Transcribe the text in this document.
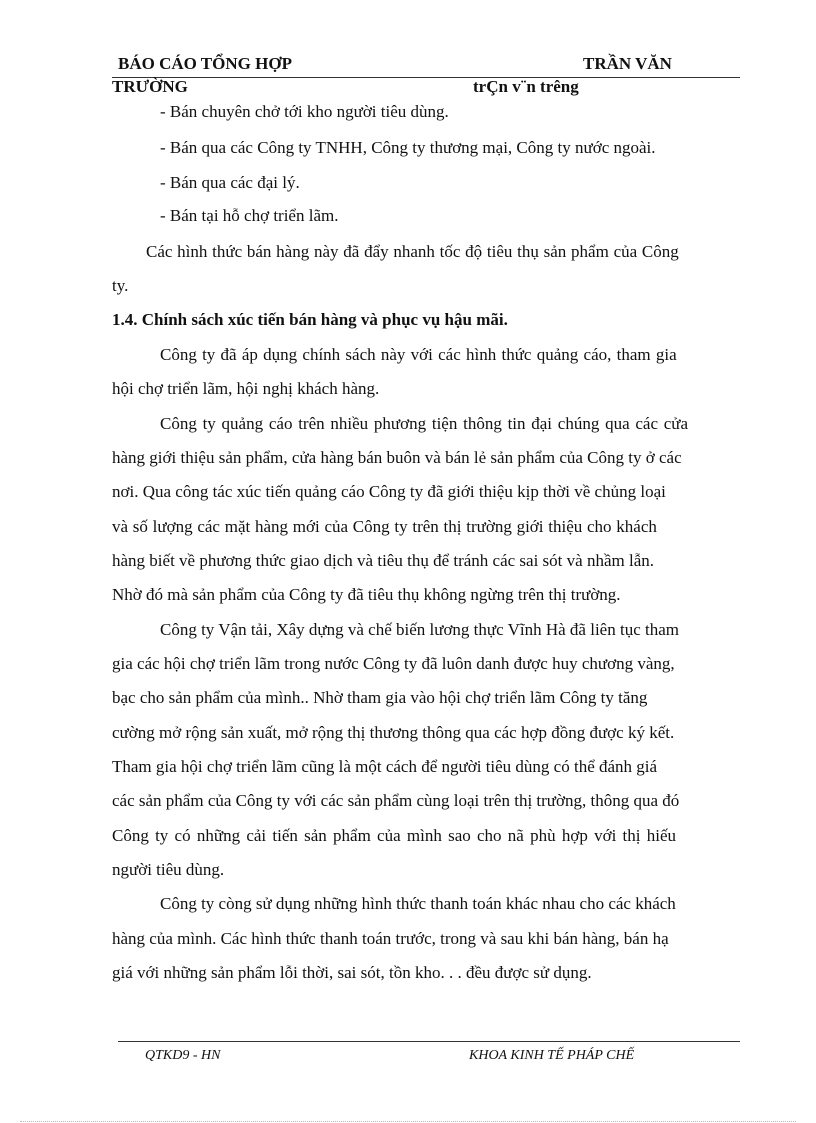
BÁO CÁO TỔNG HỢP	TRẦN VĂN
TRƯỜNG	trÇn v¨n trêng
- Bán chuyên chở tới kho người tiêu dùng.
- Bán qua các Công ty TNHH, Công ty thương mại, Công ty nước ngoài.
- Bán qua các đại lý.
- Bán tại hỗ chợ triển lãm.
Các hình thức bán hàng này đã đẩy nhanh tốc độ tiêu thụ sản phẩm của Công
ty.
1.4. Chính sách xúc tiến bán hàng và phục vụ hậu mãi.
Công ty đã áp dụng chính sách này với các hình thức quảng cáo, tham gia
hội chợ triển lãm, hội nghị khách hàng.
Công ty quảng cáo trên nhiều phương tiện thông tin đại chúng qua các cửa
hàng giới thiệu sản phẩm, cửa hàng bán buôn và bán lẻ sản phẩm của Công ty ở các
nơi. Qua công tác xúc tiến quảng cáo Công ty đã giới thiệu kịp thời về chủng loại
và số lượng các mặt hàng mới của Công ty trên thị trường giới thiệu cho khách
hàng biết về phương thức giao dịch và tiêu thụ để tránh các sai sót và nhầm lẫn.
Nhờ đó mà sản phẩm của Công ty đã tiêu thụ không ngừng trên thị trường.
Công ty Vận tải, Xây dựng và chế biến lương thực Vĩnh Hà đã liên tục tham
gia các hội chợ triển lãm trong nước Công ty đã luôn danh được huy chương vàng,
bạc cho sản phẩm của mình.. Nhờ tham gia vào hội chợ triển lãm Công ty tăng
cường mở rộng sản xuất, mở rộng thị thương thông qua các hợp đồng được ký kết.
Tham gia hội chợ triển lãm cũng là một cách để người tiêu dùng có thể đánh giá
các sản phẩm của Công ty với các sản phẩm cùng loại trên thị trường, thông qua đó
Công ty có những cải tiến sản phẩm của mình sao cho nã phù hợp với thị hiếu
người tiêu dùng.
Công ty còng sử dụng những hình thức thanh toán khác nhau cho các khách
hàng của mình. Các hình thức thanh toán trước, trong và sau khi bán hàng, bán hạ
giá với những sản phẩm lỗi thời, sai sót, tồn kho. . . đều được sử dụng.
QTKD9 - HN	KHOA KINH TẾ PHÁP CHẾ
